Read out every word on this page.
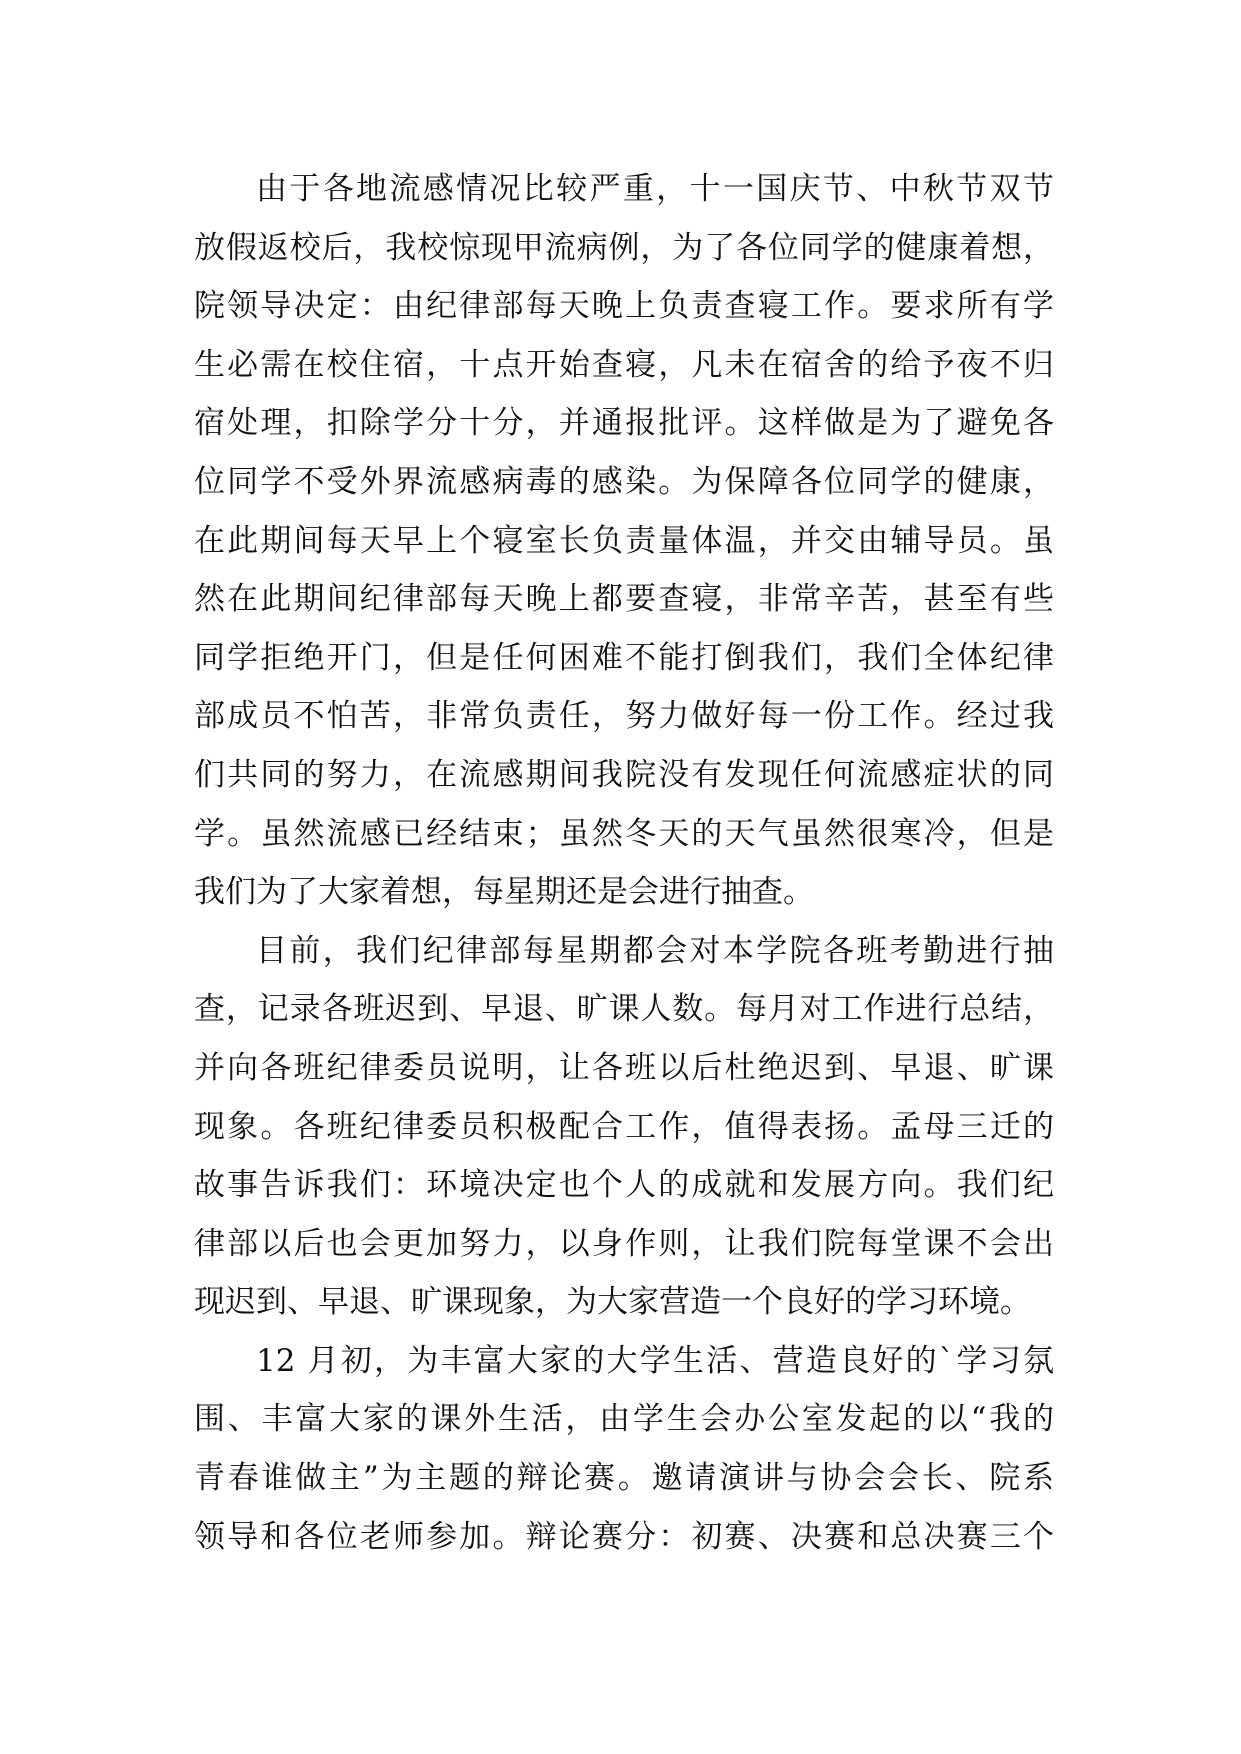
由于各地流感情况比较严重，十一国庆节、中秋节双节
放假返校后，我校惊现甲流病例，为了各位同学的健康着想，
院领导决定：由纪律部每天晚上负责查寝工作。要求所有学
生必需在校住宿，十点开始查寝，凡未在宿舍的给予夜不归
宿处理，扣除学分十分，并通报批评。这样做是为了避免各
位同学不受外界流感病毒的感染。为保障各位同学的健康，
在此期间每天早上个寝室长负责量体温，并交由辅导员。虽
然在此期间纪律部每天晚上都要查寝，非常辛苦，甚至有些
同学拒绝开门，但是任何困难不能打倒我们，我们全体纪律
部成员不怕苦，非常负责任，努力做好每一份工作。经过我
们共同的努力，在流感期间我院没有发现任何流感症状的同
学。虽然流感已经结束；虽然冬天的天气虽然很寒冷，但是
我们为了大家着想，每星期还是会进行抽查。
目前，我们纪律部每星期都会对本学院各班考勤进行抽
查，记录各班迟到、早退、旷课人数。每月对工作进行总结，
并向各班纪律委员说明，让各班以后杜绝迟到、早退、旷课
现象。各班纪律委员积极配合工作，值得表扬。孟母三迁的
故事告诉我们：环境决定也个人的成就和发展方向。我们纪
律部以后也会更加努力，以身作则，让我们院每堂课不会出
现迟到、早退、旷课现象，为大家营造一个良好的学习环境。
12 月初，为丰富大家的大学生活、营造良好的`学习氛
围、丰富大家的课外生活，由学生会办公室发起的以“我的
青春谁做主”为主题的辩论赛。邀请演讲与协会会长、院系
领导和各位老师参加。辩论赛分：初赛、决赛和总决赛三个
